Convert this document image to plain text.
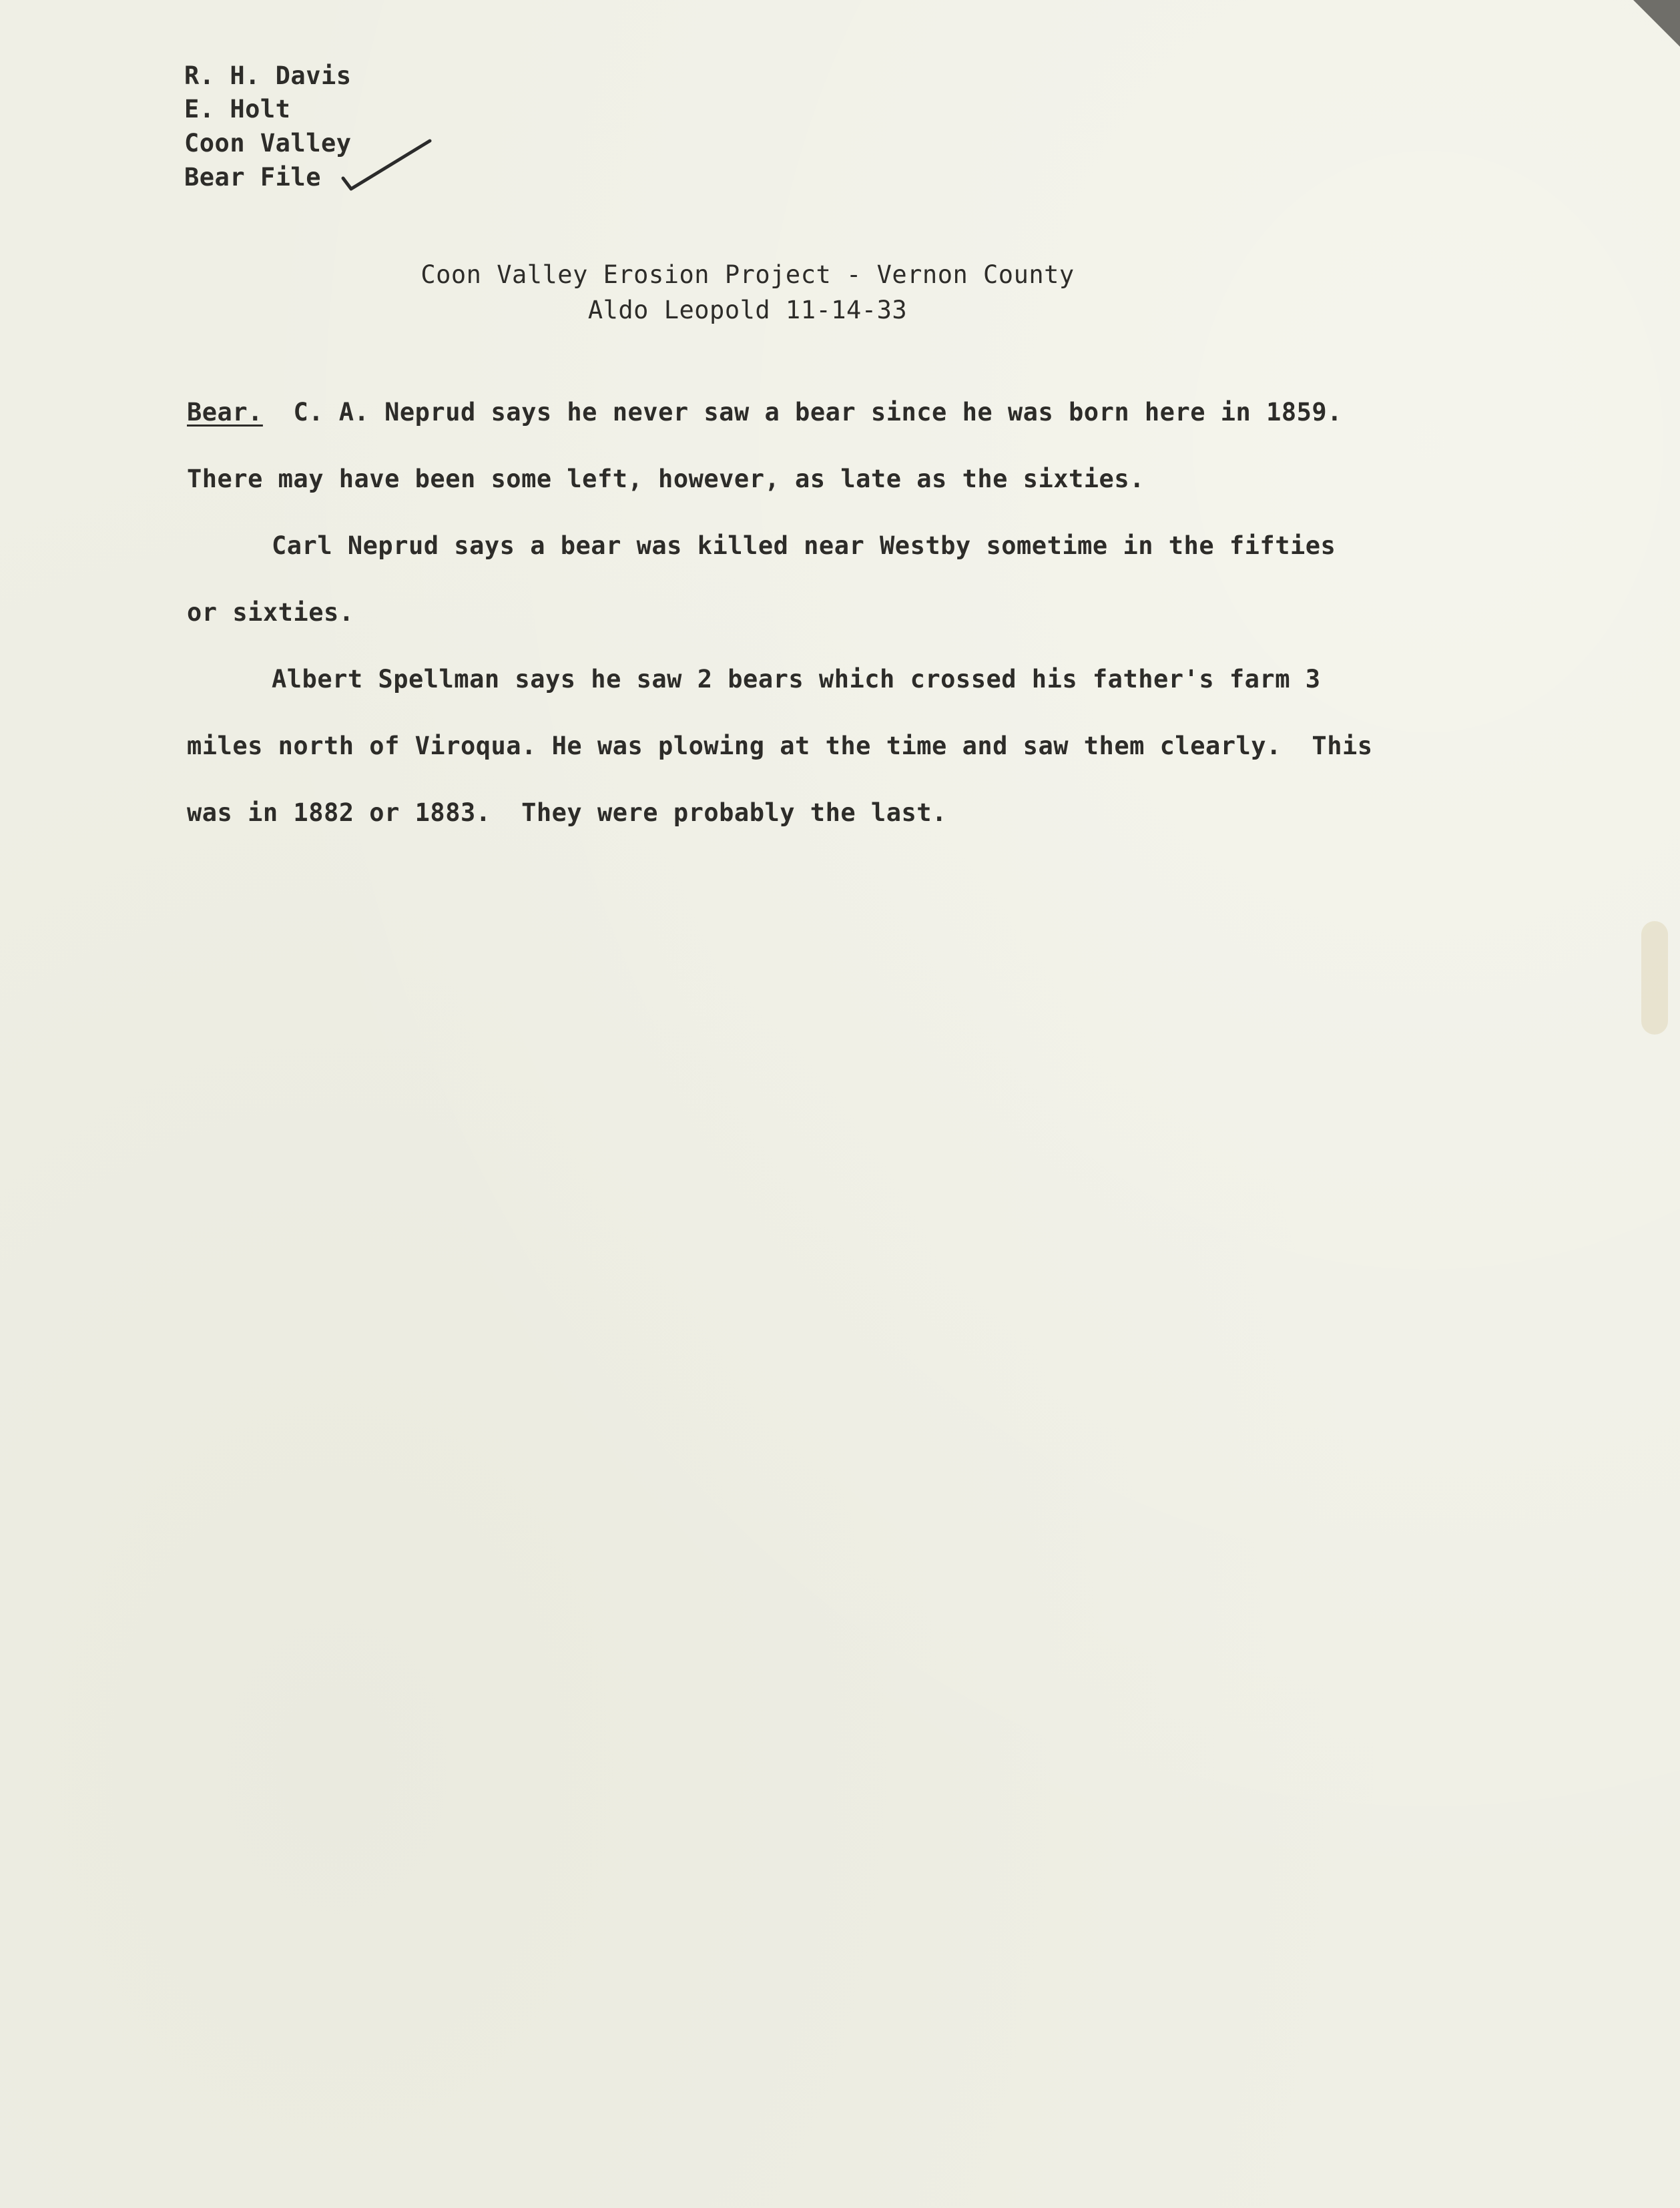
R. H. Davis
E. Holt
Coon Valley
Bear File
Coon Valley Erosion Project - Vernon County
Aldo Leopold 11-14-33
Bear.  C. A. Neprud says he never saw a bear since he was born here in 1859.
There may have been some left, however, as late as the sixties.
Carl Neprud says a bear was killed near Westby sometime in the fifties
or sixties.
Albert Spellman says he saw 2 bears which crossed his father's farm 3
miles north of Viroqua. He was plowing at the time and saw them clearly.  This
was in 1882 or 1883.  They were probably the last.
